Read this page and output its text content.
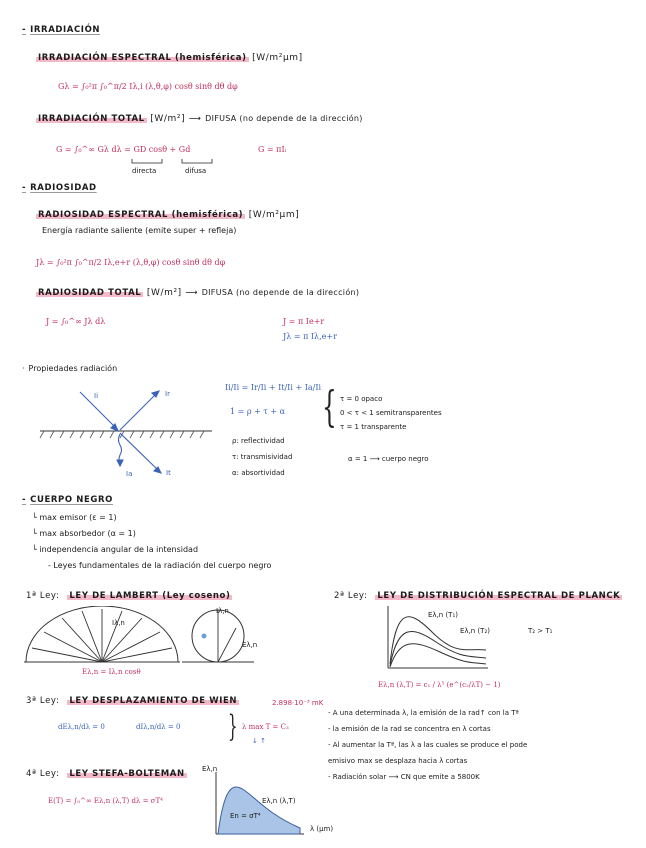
- IRRADIACIÓN
IRRADIACIÓN ESPECTRAL (hemisférica) [W/m²μm]
Gλ = ∫₀²π ∫₀^π/2 Iλ,i (λ,θ,φ) cosθ sinθ dθ dφ
IRRADIACIÓN TOTAL [W/m²] ⟶ DIFUSA (no depende de la dirección)
G = ∫₀^∞ Gλ dλ = GD cosθ + Gd	G = πIᵢ
directa	difusa
- RADIOSIDAD
RADIOSIDAD ESPECTRAL (hemisférica) [W/m²μm]
Energía radiante saliente (emite super + refleja)
Jλ = ∫₀²π ∫₀^π/2 Iλ,e+r (λ,θ,φ) cosθ sinθ dθ dφ
RADIOSIDAD TOTAL [W/m²] ⟶ DIFUSA (no depende de la dirección)
J = ∫₀^∞ Jλ dλ	J = π Ie+r
Jλ = π Iλ,e+r
· Propiedades radiación
Ii	Ir
Ia	It
Ii/Ii = Ir/Ii + It/Ii + Ia/Ii
1 = ρ + τ + α { τ = 0 opaco
0 < τ < 1 semitransparentes
τ = 1 transparente
ρ: reflectividad
τ: transmisividad
α: absortividad
α = 1 ⟶ cuerpo negro
- CUERPO NEGRO
└ max emisor (ε = 1)
└ max absorbedor (α = 1)
└ independencia angular de la intensidad
- Leyes fundamentales de la radiación del cuerpo negro
1ª Ley: LEY DE LAMBERT (Ley coseno)
Iλ,n
Iλ,n
Eλ,n
Eλ,n = Iλ,n cosθ
2ª Ley: LEY DE DISTRIBUCIÓN ESPECTRAL DE PLANCK
Eλ,n (T₁)
Eλ,n (T₂)	T₂ > T₁
Eλ,n (λ,T) = c₁ / λ⁵ (e^(c₂/λT) − 1)
3ª Ley: LEY DESPLAZAMIENTO DE WIEN	2.898·10⁻³ mK
dEλ,n/dλ = 0	dIλ,n/dλ = 0 } λ max T = C₃
↓ ↑
- A una determinada λ, la emisión de la rad↑ con la Tª
- la emisión de la rad se concentra en λ cortas
- Al aumentar la Tª, las λ a las cuales se produce el pode
emisivo max se desplaza hacia λ cortas
- Radiación solar ⟶ CN que emite a 5800K
4ª Ley: LEY STEFA-BOLTEMAN
E(T) = ∫₀^∞ Eλ,n (λ,T) dλ = σT⁴
Eλ,n
Eλ,n (λ,T)
En = σT⁴
λ (μm)
